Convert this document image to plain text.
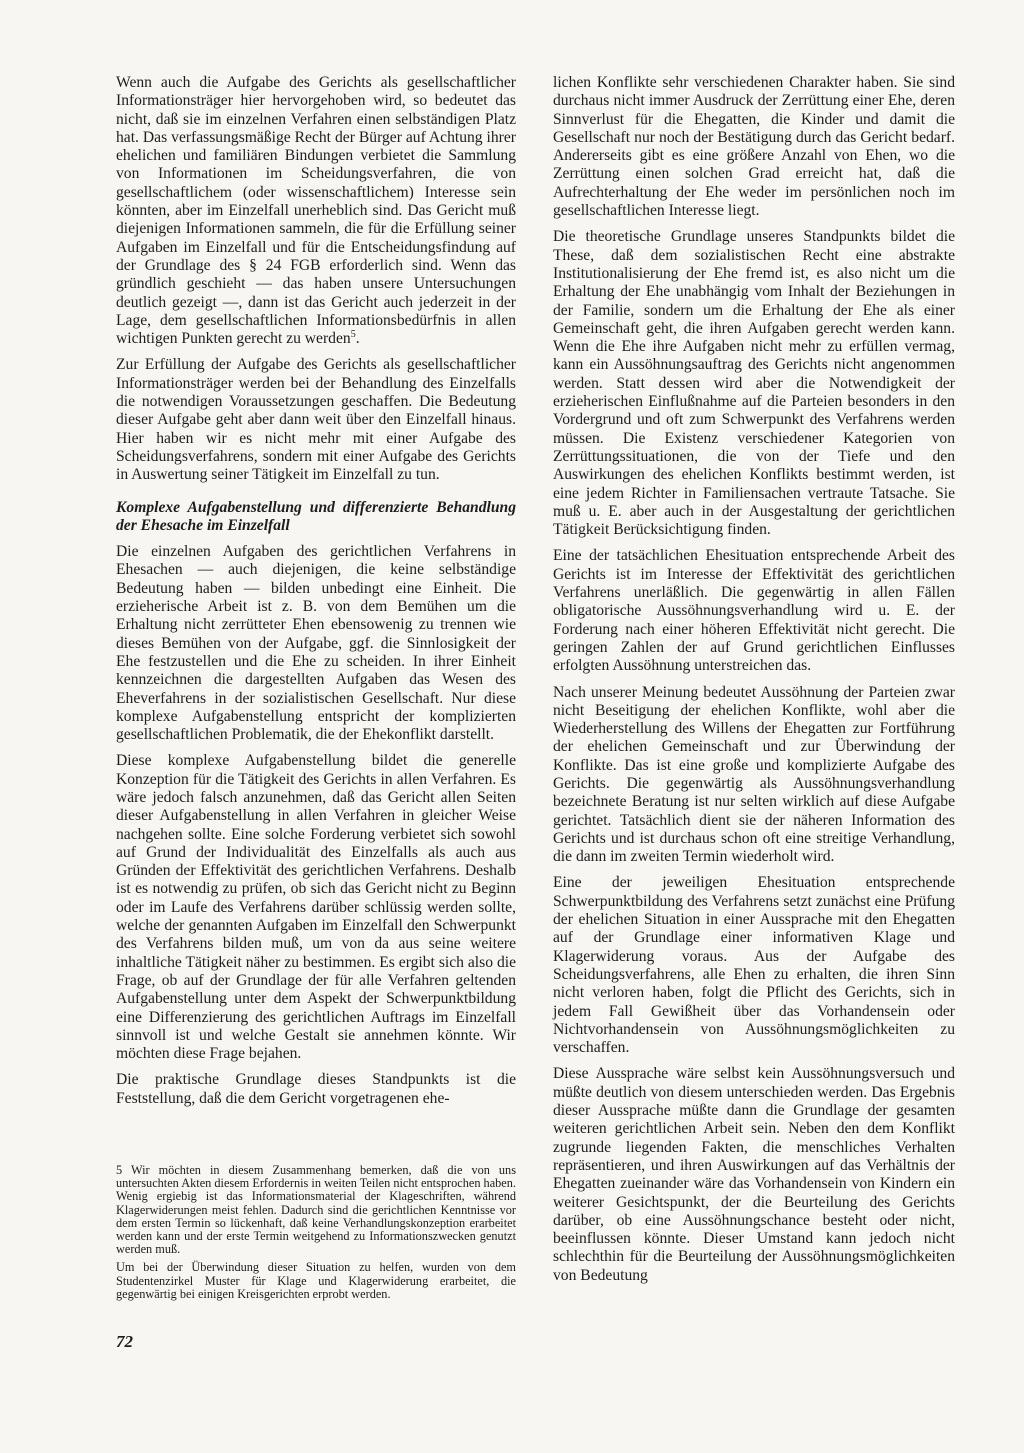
Wenn auch die Aufgabe des Gerichts als gesellschaftlicher Informationsträger hier hervorgehoben wird, so bedeutet das nicht, daß sie im einzelnen Verfahren einen selbständigen Platz hat. Das verfassungsmäßige Recht der Bürger auf Achtung ihrer ehelichen und familiären Bindungen verbietet die Sammlung von Informationen im Scheidungsverfahren, die von gesellschaftlichem (oder wissenschaftlichem) Interesse sein könnten, aber im Einzelfall unerheblich sind. Das Gericht muß diejenigen Informationen sammeln, die für die Erfüllung seiner Aufgaben im Einzelfall und für die Entscheidungsfindung auf der Grundlage des § 24 FGB erforderlich sind. Wenn das gründlich geschieht — das haben unsere Untersuchungen deutlich gezeigt —, dann ist das Gericht auch jederzeit in der Lage, dem gesellschaftlichen Informationsbedürfnis in allen wichtigen Punkten gerecht zu werden$^5$.

Zur Erfüllung der Aufgabe des Gerichts als gesellschaftlicher Informationsträger werden bei der Behandlung des Einzelfalls die notwendigen Voraussetzungen geschaffen. Die Bedeutung dieser Aufgabe geht aber dann weit über den Einzelfall hinaus. Hier haben wir es nicht mehr mit einer Aufgabe des Scheidungsverfahrens, sondern mit einer Aufgabe des Gerichts in Auswertung seiner Tätigkeit im Einzelfall zu tun.

Komplexe Aufgabenstellung und differenzierte Behandlung der Ehesache im Einzelfall

Die einzelnen Aufgaben des gerichtlichen Verfahrens in Ehesachen — auch diejenigen, die keine selbständige Bedeutung haben — bilden unbedingt eine Einheit. Die erzieherische Arbeit ist z. B. von dem Bemühen um die Erhaltung nicht zerrütteter Ehen ebensowenig zu trennen wie dieses Bemühen von der Aufgabe, ggf. die Sinnlosigkeit der Ehe festzustellen und die Ehe zu scheiden. In ihrer Einheit kennzeichnen die dargestellten Aufgaben das Wesen des Eheverfahrens in der sozialistischen Gesellschaft. Nur diese komplexe Aufgabenstellung entspricht der komplizierten gesellschaftlichen Problematik, die der Ehekonflikt darstellt.

Diese komplexe Aufgabenstellung bildet die generelle Konzeption für die Tätigkeit des Gerichts in allen Verfahren. Es wäre jedoch falsch anzunehmen, daß das Gericht allen Seiten dieser Aufgabenstellung in allen Verfahren in gleicher Weise nachgehen sollte. Eine solche Forderung verbietet sich sowohl auf Grund der Individualität des Einzelfalls als auch aus Gründen der Effektivität des gerichtlichen Verfahrens. Deshalb ist es notwendig zu prüfen, ob sich das Gericht nicht zu Beginn oder im Laufe des Verfahrens darüber schlüssig werden sollte, welche der genannten Aufgaben im Einzelfall den Schwerpunkt des Verfahrens bilden muß, um von da aus seine weitere inhaltliche Tätigkeit näher zu bestimmen. Es ergibt sich also die Frage, ob auf der Grundlage der für alle Verfahren geltenden Aufgabenstellung unter dem Aspekt der Schwerpunktbildung eine Differenzierung des gerichtlichen Auftrags im Einzelfall sinnvoll ist und welche Gestalt sie annehmen könnte. Wir möchten diese Frage bejahen.

Die praktische Grundlage dieses Standpunkts ist die Feststellung, daß die dem Gericht vorgetragenen ehe-

5 Wir möchten in diesem Zusammenhang bemerken, daß die von uns untersuchten Akten diesem Erfordernis in weiten Teilen nicht entsprochen haben. Wenig ergiebig ist das Informationsmaterial der Klageschriften, während Klagerwiderungen meist fehlen. Dadurch sind die gerichtlichen Kenntnisse vor dem ersten Termin so lückenhaft, daß keine Verhandlungskonzeption erarbeitet werden kann und der erste Termin weitgehend zu Informationszwecken genutzt werden muß.

Um bei der Überwindung dieser Situation zu helfen, wurden von dem Studentenzirkel Muster für Klage und Klagerwiderung erarbeitet, die gegenwärtig bei einigen Kreisgerichten erprobt werden.

72

lichen Konflikte sehr verschiedenen Charakter haben. Sie sind durchaus nicht immer Ausdruck der Zerrüttung einer Ehe, deren Sinnverlust für die Ehegatten, die Kinder und damit die Gesellschaft nur noch der Bestätigung durch das Gericht bedarf. Andererseits gibt es eine größere Anzahl von Ehen, wo die Zerrüttung einen solchen Grad erreicht hat, daß die Aufrechterhaltung der Ehe weder im persönlichen noch im gesellschaftlichen Interesse liegt.

Die theoretische Grundlage unseres Standpunkts bildet die These, daß dem sozialistischen Recht eine abstrakte Institutionalisierung der Ehe fremd ist, es also nicht um die Erhaltung der Ehe unabhängig vom Inhalt der Beziehungen in der Familie, sondern um die Erhaltung der Ehe als einer Gemeinschaft geht, die ihren Aufgaben gerecht werden kann. Wenn die Ehe ihre Aufgaben nicht mehr zu erfüllen vermag, kann ein Aussöhnungsauftrag des Gerichts nicht angenommen werden. Statt dessen wird aber die Notwendigkeit der erzieherischen Einflußnahme auf die Parteien besonders in den Vordergrund und oft zum Schwerpunkt des Verfahrens werden müssen. Die Existenz verschiedener Kategorien von Zerrüttungssituationen, die von der Tiefe und den Auswirkungen des ehelichen Konflikts bestimmt werden, ist eine jedem Richter in Familiensachen vertraute Tatsache. Sie muß u. E. aber auch in der Ausgestaltung der gerichtlichen Tätigkeit Berücksichtigung finden.

Eine der tatsächlichen Ehesituation entsprechende Arbeit des Gerichts ist im Interesse der Effektivität des gerichtlichen Verfahrens unerläßlich. Die gegenwärtig in allen Fällen obligatorische Aussöhnungsverhandlung wird u. E. der Forderung nach einer höheren Effektivität nicht gerecht. Die geringen Zahlen der auf Grund gerichtlichen Einflusses erfolgten Aussöhnung unterstreichen das.

Nach unserer Meinung bedeutet Aussöhnung der Parteien zwar nicht Beseitigung der ehelichen Konflikte, wohl aber die Wiederherstellung des Willens der Ehegatten zur Fortführung der ehelichen Gemeinschaft und zur Überwindung der Konflikte. Das ist eine große und komplizierte Aufgabe des Gerichts. Die gegenwärtig als Aussöhnungsverhandlung bezeichnete Beratung ist nur selten wirklich auf diese Aufgabe gerichtet. Tatsächlich dient sie der näheren Information des Gerichts und ist durchaus schon oft eine streitige Verhandlung, die dann im zweiten Termin wiederholt wird.

Eine der jeweiligen Ehesituation entsprechende Schwerpunktbildung des Verfahrens setzt zunächst eine Prüfung der ehelichen Situation in einer Aussprache mit den Ehegatten auf der Grundlage einer informativen Klage und Klagerwiderung voraus. Aus der Aufgabe des Scheidungsverfahrens, alle Ehen zu erhalten, die ihren Sinn nicht verloren haben, folgt die Pflicht des Gerichts, sich in jedem Fall Gewißheit über das Vorhandensein oder Nichtvorhandensein von Aussöhnungsmöglichkeiten zu verschaffen.

Diese Aussprache wäre selbst kein Aussöhnungsversuch und müßte deutlich von diesem unterschieden werden. Das Ergebnis dieser Aussprache müßte dann die Grundlage der gesamten weiteren gerichtlichen Arbeit sein. Neben den dem Konflikt zugrunde liegenden Fakten, die menschliches Verhalten repräsentieren, und ihren Auswirkungen auf das Verhältnis der Ehegatten zueinander wäre das Vorhandensein von Kindern ein weiterer Gesichtspunkt, der die Beurteilung des Gerichts darüber, ob eine Aussöhnungschance besteht oder nicht, beeinflussen könnte. Dieser Umstand kann jedoch nicht schlechthin für die Beurteilung der Aussöhnungsmöglichkeiten von Bedeutung
